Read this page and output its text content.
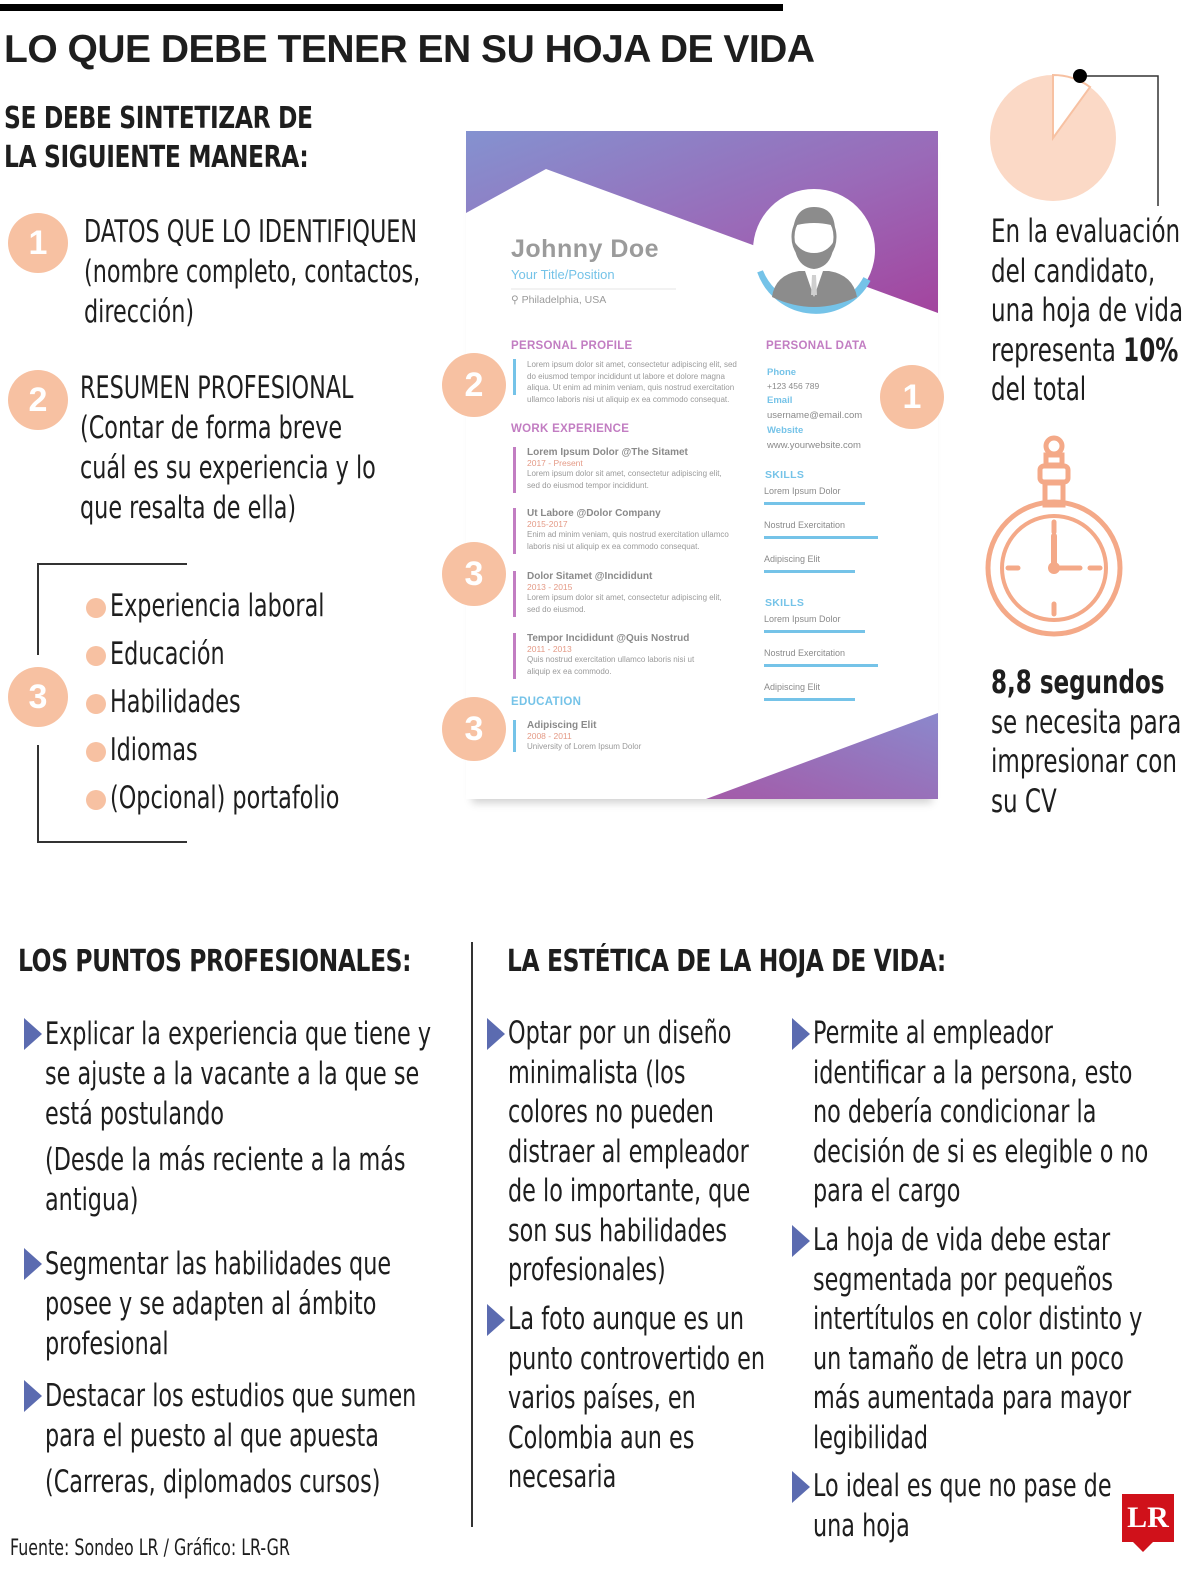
LO QUE DEBE TENER EN SU HOJA DE VIDA
SE DEBE SINTETIZAR DE
LA SIGUIENTE MANERA:
1	DATOS QUE LO IDENTIFIQUEN
(nombre completo, contactos,
dirección)
2	RESUMEN PROFESIONAL
(Contar de forma breve
cuál es su experiencia y lo
que resalta de ella)
3
Experiencia laboral
Educación
Habilidades
Idiomas
(Opcional) portafolio
Johnny Doe
Your Title/Position
⚲ Philadelphia, USA
PERSONAL PROFILE
Lorem ipsum dolor sit amet, consectetur adipiscing elit, sed
do eiusmod tempor incididunt ut labore et dolore magna
aliqua. Ut enim ad minim veniam, quis nostrud exercitation
ullamco laboris nisi ut aliquip ex ea commodo consequat.
WORK EXPERIENCE
Lorem Ipsum Dolor @The Sitamet
2017 - Present
Lorem ipsum dolor sit amet, consectetur adipiscing elit,
sed do eiusmod tempor incididunt.
Ut Labore @Dolor Company
2015-2017
Enim ad minim veniam, quis nostrud exercitation ullamco
laboris nisi ut aliquip ex ea commodo consequat.
Dolor Sitamet @Incididunt
2013 - 2015
Lorem ipsum dolor sit amet, consectetur adipiscing elit,
sed do eiusmod.
Tempor Incididunt @Quis Nostrud
2011 - 2013
Quis nostrud exercitation ullamco laboris nisi ut
aliquip ex ea commodo.
EDUCATION
Adipiscing Elit
2008 - 2011
University of Lorem Ipsum Dolor
PERSONAL DATA
Phone
+123 456 789
Email
username@email.com
Website
www.yourwebsite.com
SKILLS
Lorem Ipsum Dolor
Nostrud Exercitation
Adipiscing Elit
SKILLS
Lorem Ipsum Dolor
Nostrud Exercitation
Adipiscing Elit
2
3
3
1
En la evaluación
del candidato,
una hoja de vida
representa 10%
del total
8,8 segundos
se necesita para
impresionar con
su CV
LOS PUNTOS PROFESIONALES:	LA ESTÉTICA DE LA HOJA DE VIDA:
Explicar la experiencia que tiene y
se ajuste a la vacante a la que se
está postulando
(Desde la más reciente a la más
antigua)
Segmentar las habilidades que
posee y se adapten al ámbito
profesional
Destacar los estudios que sumen
para el puesto al que apuesta
(Carreras, diplomados cursos)
Optar por un diseño
minimalista (los
colores no pueden
distraer al empleador
de lo importante, que
son sus habilidades
profesionales)
La foto aunque es un
punto controvertido en
varios países, en
Colombia aun es
necesaria
Permite al empleador
identificar a la persona, esto
no debería condicionar la
decisión de si es elegible o no
para el cargo
La hoja de vida debe estar
segmentada por pequeños
intertítulos en color distinto y
un tamaño de letra un poco
más aumentada para mayor
legibilidad
Lo ideal es que no pase de
una hoja
Fuente: Sondeo LR / Gráfico: LR-GR
LR
